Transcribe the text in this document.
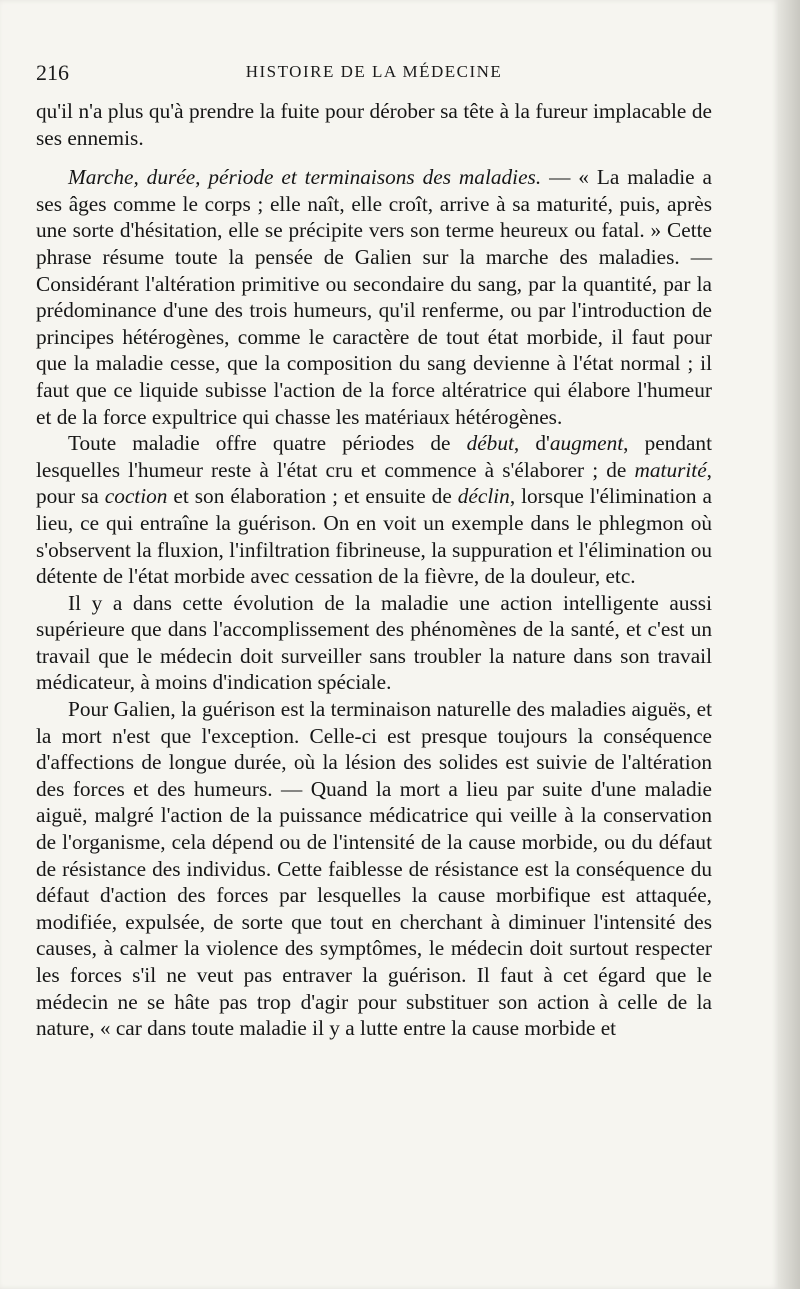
216	HISTOIRE DE LA MÉDECINE

qu'il n'a plus qu'à prendre la fuite pour dérober sa tête à la fureur implacable de ses ennemis.

Marche, durée, période et terminaisons des maladies. — « La maladie a ses âges comme le corps ; elle naît, elle croît, arrive à sa maturité, puis, après une sorte d'hésitation, elle se précipite vers son terme heureux ou fatal. » Cette phrase résume toute la pensée de Galien sur la marche des maladies. — Considérant l'altération primitive ou secondaire du sang, par la quantité, par la prédominance d'une des trois humeurs, qu'il renferme, ou par l'introduction de principes hétérogènes, comme le caractère de tout état morbide, il faut pour que la maladie cesse, que la composition du sang devienne à l'état normal ; il faut que ce liquide subisse l'action de la force altératrice qui élabore l'humeur et de la force expultrice qui chasse les matériaux hétérogènes.

Toute maladie offre quatre périodes de début, d'augment, pendant lesquelles l'humeur reste à l'état cru et commence à s'élaborer ; de maturité, pour sa coction et son élaboration ; et ensuite de déclin, lorsque l'élimination a lieu, ce qui entraîne la guérison. On en voit un exemple dans le phlegmon où s'observent la fluxion, l'infiltration fibrineuse, la suppuration et l'élimination ou détente de l'état morbide avec cessation de la fièvre, de la douleur, etc.

Il y a dans cette évolution de la maladie une action intelligente aussi supérieure que dans l'accomplissement des phénomènes de la santé, et c'est un travail que le médecin doit surveiller sans troubler la nature dans son travail médicateur, à moins d'indication spéciale.

Pour Galien, la guérison est la terminaison naturelle des maladies aiguës, et la mort n'est que l'exception. Celle-ci est presque toujours la conséquence d'affections de longue durée, où la lésion des solides est suivie de l'altération des forces et des humeurs. — Quand la mort a lieu par suite d'une maladie aiguë, malgré l'action de la puissance médicatrice qui veille à la conservation de l'organisme, cela dépend ou de l'intensité de la cause morbide, ou du défaut de résistance des individus. Cette faiblesse de résistance est la conséquence du défaut d'action des forces par lesquelles la cause morbifique est attaquée, modifiée, expulsée, de sorte que tout en cherchant à diminuer l'intensité des causes, à calmer la violence des symptômes, le médecin doit surtout respecter les forces s'il ne veut pas entraver la guérison. Il faut à cet égard que le médecin ne se hâte pas trop d'agir pour substituer son action à celle de la nature, « car dans toute maladie il y a lutte entre la cause morbide et
